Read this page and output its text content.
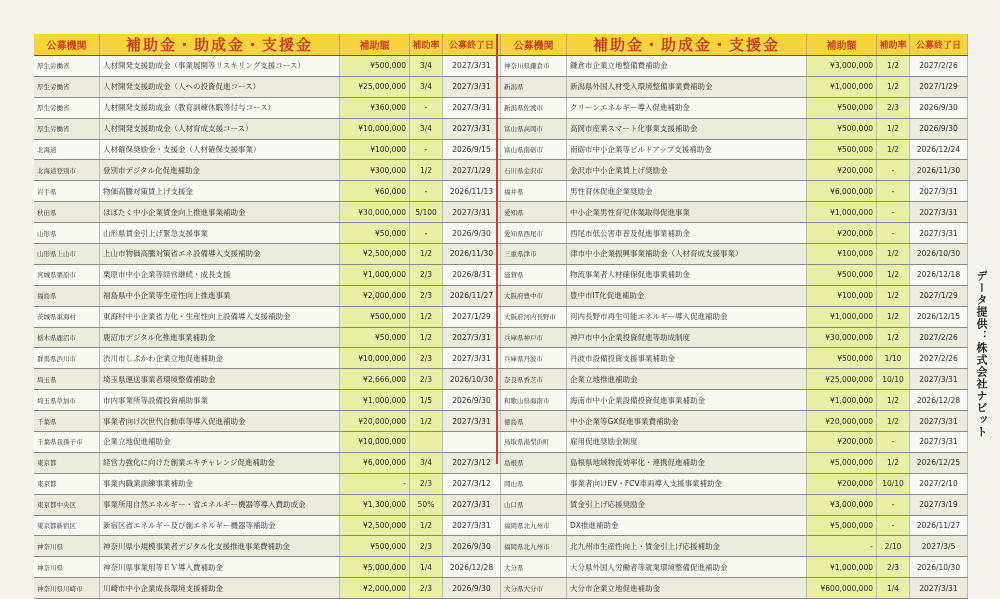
公募機関	補助金・助成金・支援金	補助額	補助率	公募終了日
厚生労働省	人材開発支援助成金（事業展開等リスキリング支援コース）	¥500,000	3/4	2027/3/31
厚生労働省	人材開発支援助成金（人への投資促進コース）	¥25,000,000	3/4	2027/3/31
厚生労働省	人材開発支援助成金（教育訓練休暇等付与コース）	¥360,000	-	2027/3/31
厚生労働省	人材開発支援助成金（人材育成支援コース）	¥10,000,000	3/4	2027/3/31
北海道	人材確保奨励金・支援金（人材確保支援事業）	¥100,000	-	2026/9/15
北海道登別市	登別市デジタル化促進補助金	¥300,000	1/2	2027/1/29
岩手県	物価高騰対策賃上げ支援金	¥60,000	-	2026/11/13
秋田県	はばたく中小企業賃金向上推進事業補助金	¥30,000,000	5/100	2027/3/31
山形県	山形県賃金引上げ緊急支援事業	¥50,000	-	2026/9/30
山形県上山市	上山市物価高騰対策省エネ設備導入支援補助金	¥2,500,000	1/2	2026/11/30
宮城県栗原市	栗原市中小企業等経営継続・成長支援	¥1,000,000	2/3	2026/8/31
福島県	福島県中小企業等生産性向上推進事業	¥2,000,000	2/3	2026/11/27
茨城県東海村	東海村中小企業省力化・生産性向上設備導入支援補助金	¥500,000	1/2	2027/1/29
栃木県鹿沼市	鹿沼市デジタル化推進事業補助金	¥50,000	1/2	2027/3/31
群馬県渋川市	渋川市しぶかわ企業立地促進補助金	¥10,000,000	2/3	2027/3/31
埼玉県	埼玉県運送事業者環境整備補助金	¥2,666,000	2/3	2026/10/30
埼玉県草加市	市内事業所等設備投資補助事業	¥1,000,000	1/5	2026/9/30
千葉県	事業者向け次世代自動車等導入促進補助金	¥20,000,000	1/2	2027/3/31
千葉県我孫子市	企業立地促進補助金	¥10,000,000
東京都	経営力強化に向けた創業エキチャレンジ促進補助金	¥6,000,000	3/4	2027/3/12
東京都	事業内職業訓練事業補助金	-	2/3	2027/3/12
東京都中央区	事業所用自然エネルギー・省エネルギー機器等導入費助成金	¥1,300,000	50%	2027/3/31
東京都新宿区	新宿区省エネルギー及び創エネルギー機器等補助金	¥2,500,000	1/2	2027/3/31
神奈川県	神奈川県小規模事業者デジタル化支援推進事業費補助金	¥500,000	2/3	2026/9/30
神奈川県	神奈川県事業用等ＥＶ導入費補助金	¥5,000,000	1/4	2026/12/28
神奈川県川崎市	川崎市中小企業成長環境支援補助金	¥2,000,000	2/3	2026/9/30
公募機関	補助金・助成金・支援金	補助額	補助率	公募終了日
神奈川県鎌倉市	鎌倉市企業立地整備費補助金	¥3,000,000	1/2	2027/2/26
新潟県	新潟県外国人材受入環境整備事業費補助金	¥1,000,000	1/2	2027/1/29
新潟県佐渡市	クリーンエネルギー導入促進補助金	¥500,000	2/3	2026/9/30
富山県高岡市	高岡市産業スマート化事業支援補助金	¥500,000	1/2	2026/9/30
富山県南砺市	南砺市中小企業等ビルドアップ支援補助金	¥500,000	1/2	2026/12/24
石川県金沢市	金沢市中小企業賃上げ奨励金	¥200,000	-	2026/11/30
福井県	男性育休促進企業奨励金	¥6,000,000	-	2027/3/31
愛知県	中小企業男性育児休業取得促進事業	¥1,000,000	-	2027/3/31
愛知県西尾市	西尾市低公害車普及促進事業補助金	¥200,000	-	2027/3/31
三重県津市	津市中小企業振興事業補助金（人材育成支援事業）	¥100,000	1/2	2026/10/30
滋賀県	物流事業者人材確保促進事業補助金	¥500,000	1/2	2026/12/18
大阪府豊中市	豊中市IT化促進補助金	¥100,000	1/2	2027/1/29
大阪府河内長野市	河内長野市再生可能エネルギー導入促進補助金	¥1,000,000	1/2	2026/12/15
兵庫県神戸市	神戸市中小企業投資促進等助成制度	¥30,000,000	1/2	2027/2/26
兵庫県丹波市	丹波市設備投資支援事業補助金	¥500,000	1/10	2027/2/26
奈良県香芝市	企業立地推進補助金	¥25,000,000	10/10	2027/3/31
和歌山県海南市	海南市中小企業設備投資促進事業補助金	¥1,000,000	1/2	2026/12/28
徳島県	中小企業等GX促進事業費補助金	¥20,000,000	1/2	2027/3/31
鳥取県湯梨浜町	雇用促進奨励金制度	¥200,000	-	2027/3/31
島根県	島根県地域物流効率化・連携促進補助金	¥5,000,000	1/2	2026/12/25
岡山県	事業者向けEV・FCV車両導入支援事業補助金	¥200,000	10/10	2027/2/10
山口県	賃金引上げ応援奨励金	¥3,000,000	-	2027/3/19
福岡県北九州市	DX推進補助金	¥5,000,000	-	2026/11/27
福岡県北九州市	北九州市生産性向上・賃金引上げ応援補助金	-	2/10	2027/3/5
大分県	大分県外国人労働者等就業環境整備促進補助金	¥1,000,000	2/3	2026/10/30
大分県大分市	大分市企業立地促進補助金	¥600,000,000	1/4	2027/3/31
データ提供：株式会社ナビット
